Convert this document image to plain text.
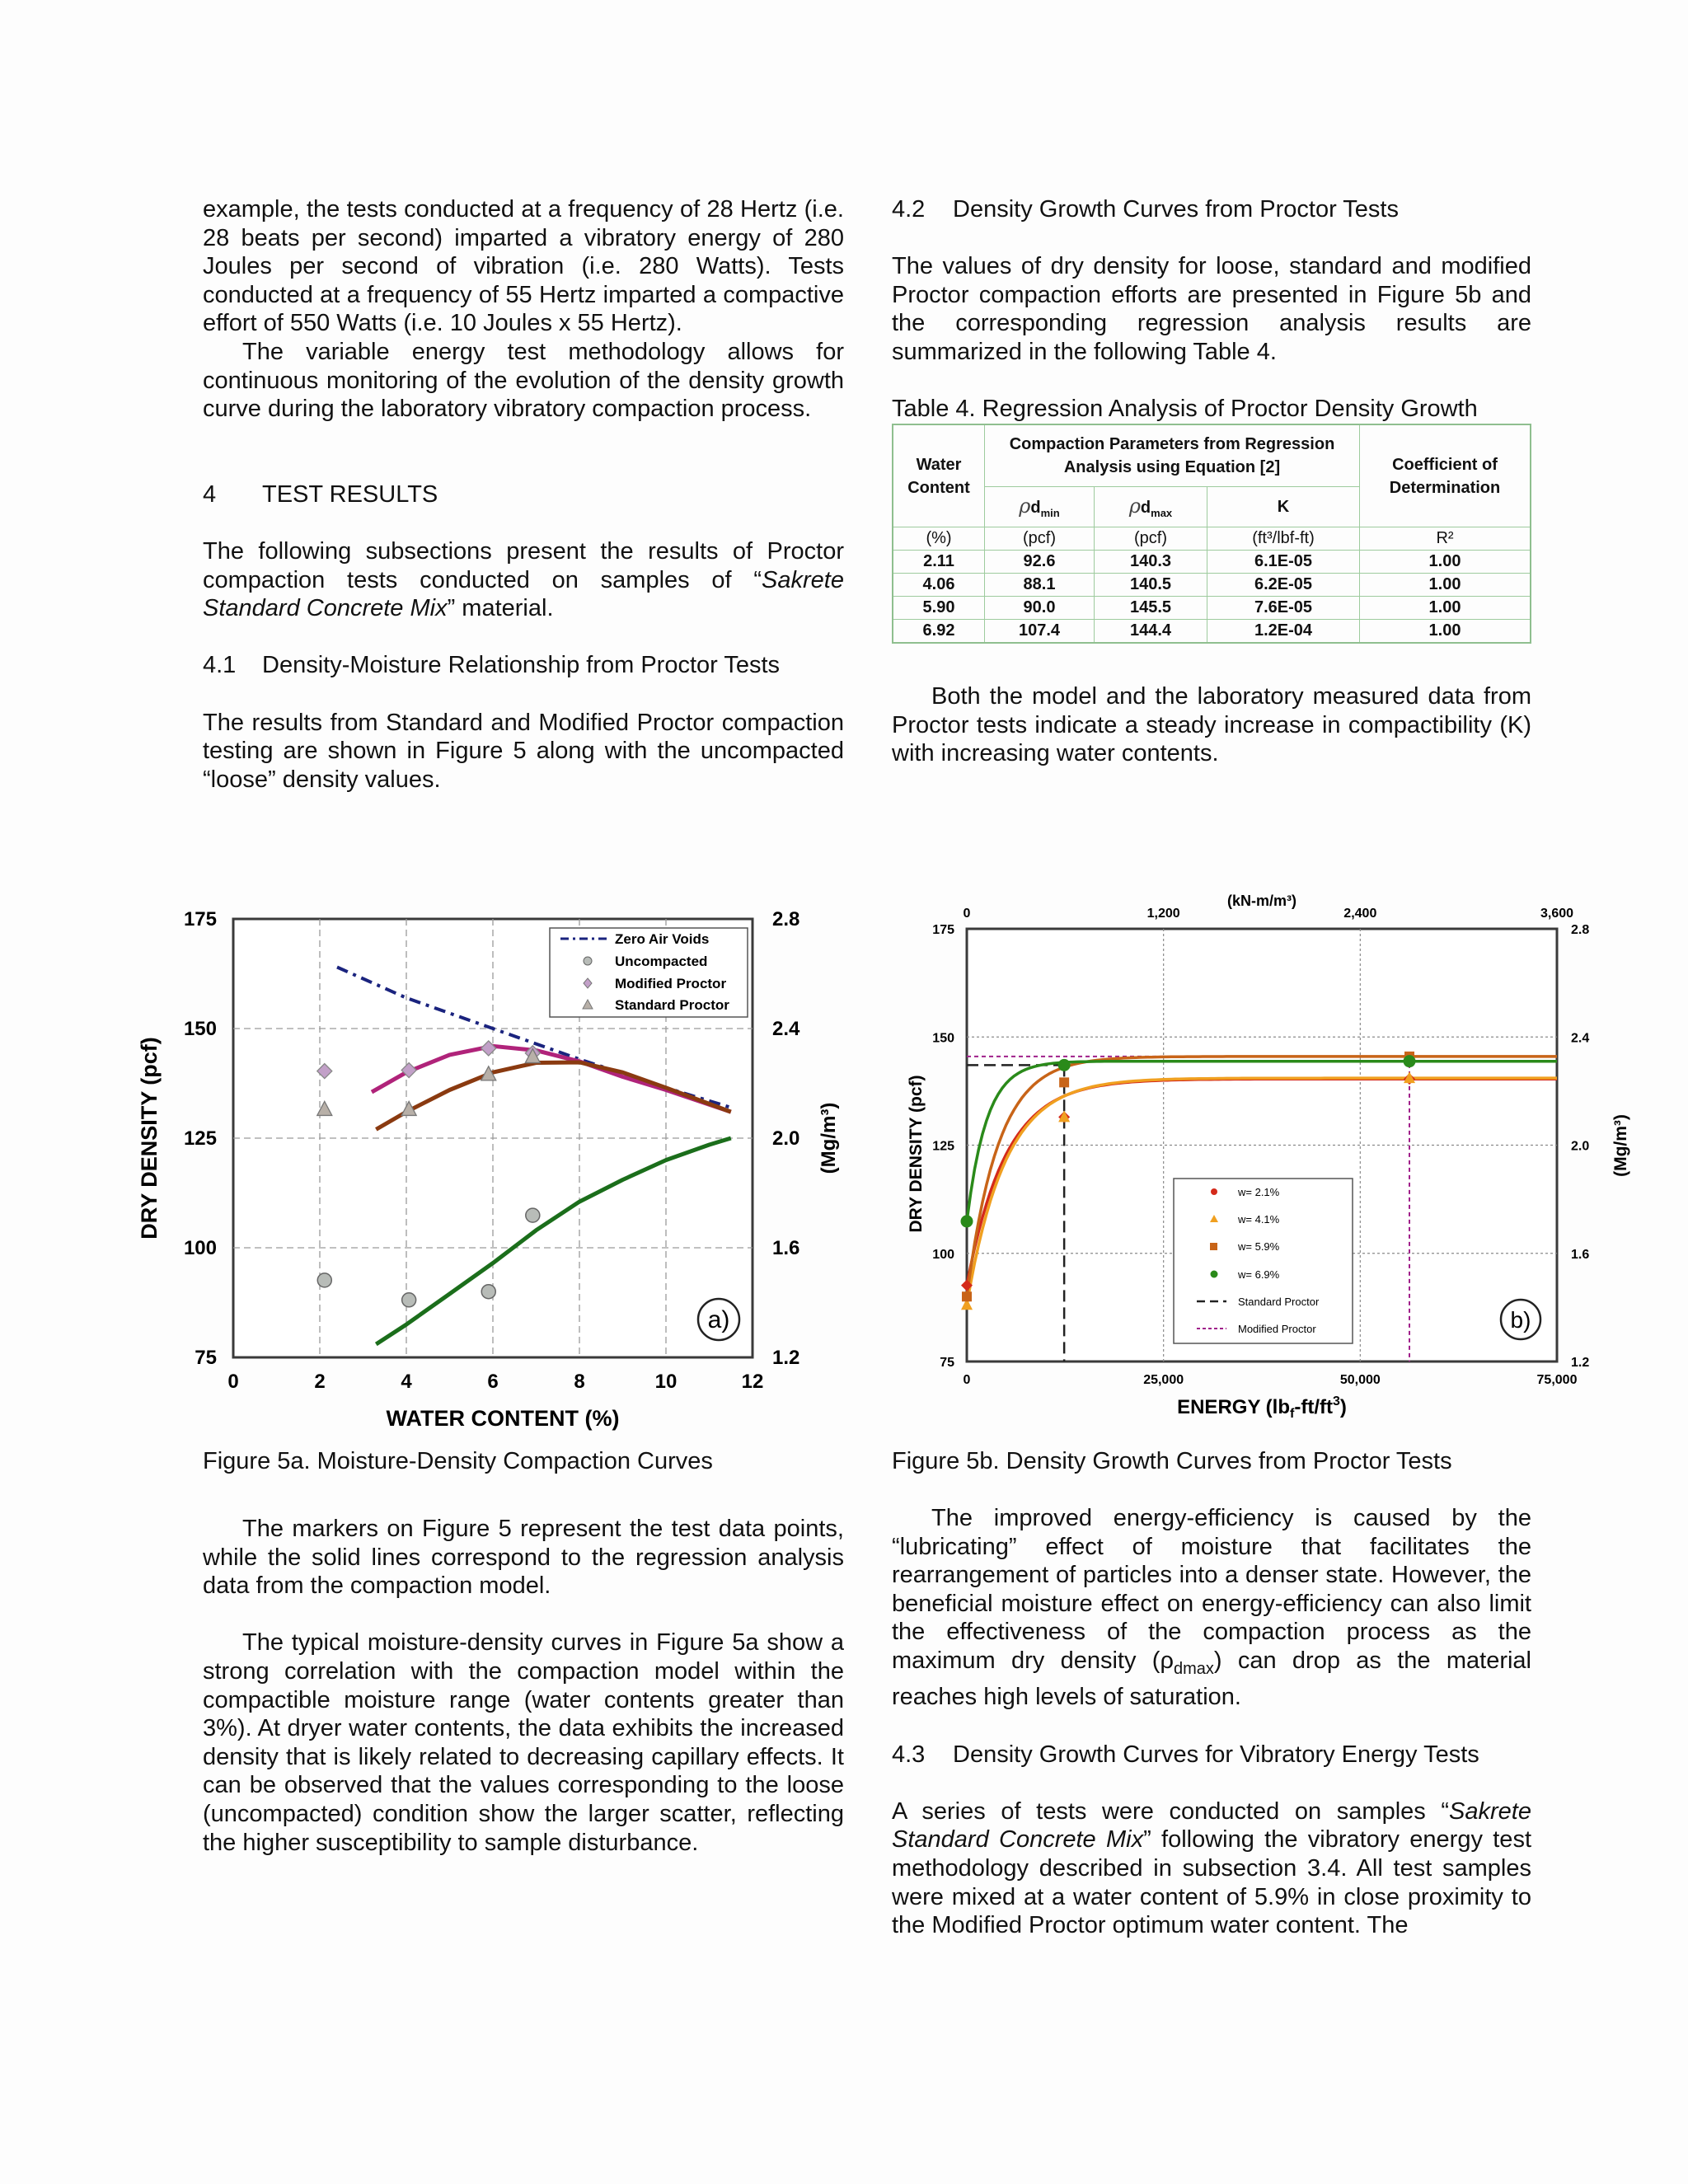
example, the tests conducted at a frequency of 28 Hertz (i.e. 28 beats per second) imparted a vibratory energy of 280 Joules per second of vibration (i.e. 280 Watts). Tests conducted at a frequency of 55 Hertz imparted a compactive effort of 550 Watts (i.e. 10 Joules x 55 Hertz).

The variable energy test methodology allows for continuous monitoring of the evolution of the density growth curve during the laboratory vibratory compaction process.

4 TEST RESULTS

The following subsections present the results of Proctor compaction tests conducted on samples of “Sakrete Standard Concrete Mix” material.

4.1 Density-Moisture Relationship from Proctor Tests

The results from Standard and Modified Proctor compaction testing are shown in Figure 5 along with the uncompacted “loose” density values.

4.2 Density Growth Curves from Proctor Tests

The values of dry density for loose, standard and modified Proctor compaction efforts are presented in Figure 5b and the corresponding regression analysis results are summarized in the following Table 4.

Table 4. Regression Analysis of Proctor Density Growth

Water Content	Compaction Parameters from Regression Analysis using Equation [2]			Coefficient of Determination
	$\rho d_{min}$	$\rho d_{max}$	K	
(%)	(pcf)	(pcf)	(ft³/lbf-ft)	R²
2.11	92.6	140.3	6.1E-05	1.00
4.06	88.1	140.5	6.2E-05	1.00
5.90	90.0	145.5	7.6E-05	1.00
6.92	107.4	144.4	1.2E-04	1.00

Both the model and the laboratory measured data from Proctor tests indicate a steady increase in compactibility (K) with increasing water contents.

0	2	4	6	8	10	12
75
100
125
150
175
1.2
1.6
2.0
2.4
2.8
WATER CONTENT (%)
DRY DENSITY (pcf)	(Mg/m³)
Zero Air Voids
Uncompacted
Modified Proctor
Standard Proctor
a)
0	25,000	50,000	75,000
0	1,200	2,400	3,600
75
100
125
150
175
1.2
1.6
2.0
2.4
2.8
(kN-m/m³)
ENERGY $(lb_f-ft/ft^3)$
DRY DENSITY (pcf)	(Mg/m³)
w= 2.1%
w= 4.1%
w= 5.9%
w= 6.9%
Standard Proctor
Modified Proctor	b)
Figure 5a. Moisture-Density Compaction Curves	Figure 5b. Density Growth Curves from Proctor Tests

The markers on Figure 5 represent the test data points, while the solid lines correspond to the regression analysis data from the compaction model.

The typical moisture-density curves in Figure 5a show a strong correlation with the compaction model within the compactible moisture range (water contents greater than 3%). At dryer water contents, the data exhibits the increased density that is likely related to decreasing capillary effects. It can be observed that the values corresponding to the loose (uncompacted) condition show the larger scatter, reflecting the higher susceptibility to sample disturbance.

The improved energy-efficiency is caused by the “lubricating” effect of moisture that facilitates the rearrangement of particles into a denser state. However, the beneficial moisture effect on energy-efficiency can also limit the effectiveness of the compaction process as the maximum dry density $(\rho_{dmax})$ can drop as the material reaches high levels of saturation.

4.3 Density Growth Curves for Vibratory Energy Tests

A series of tests were conducted on samples “Sakrete Standard Concrete Mix” following the vibratory energy test methodology described in subsection 3.4. All test samples were mixed at a water content of 5.9% in close proximity to the Modified Proctor optimum water content. The
